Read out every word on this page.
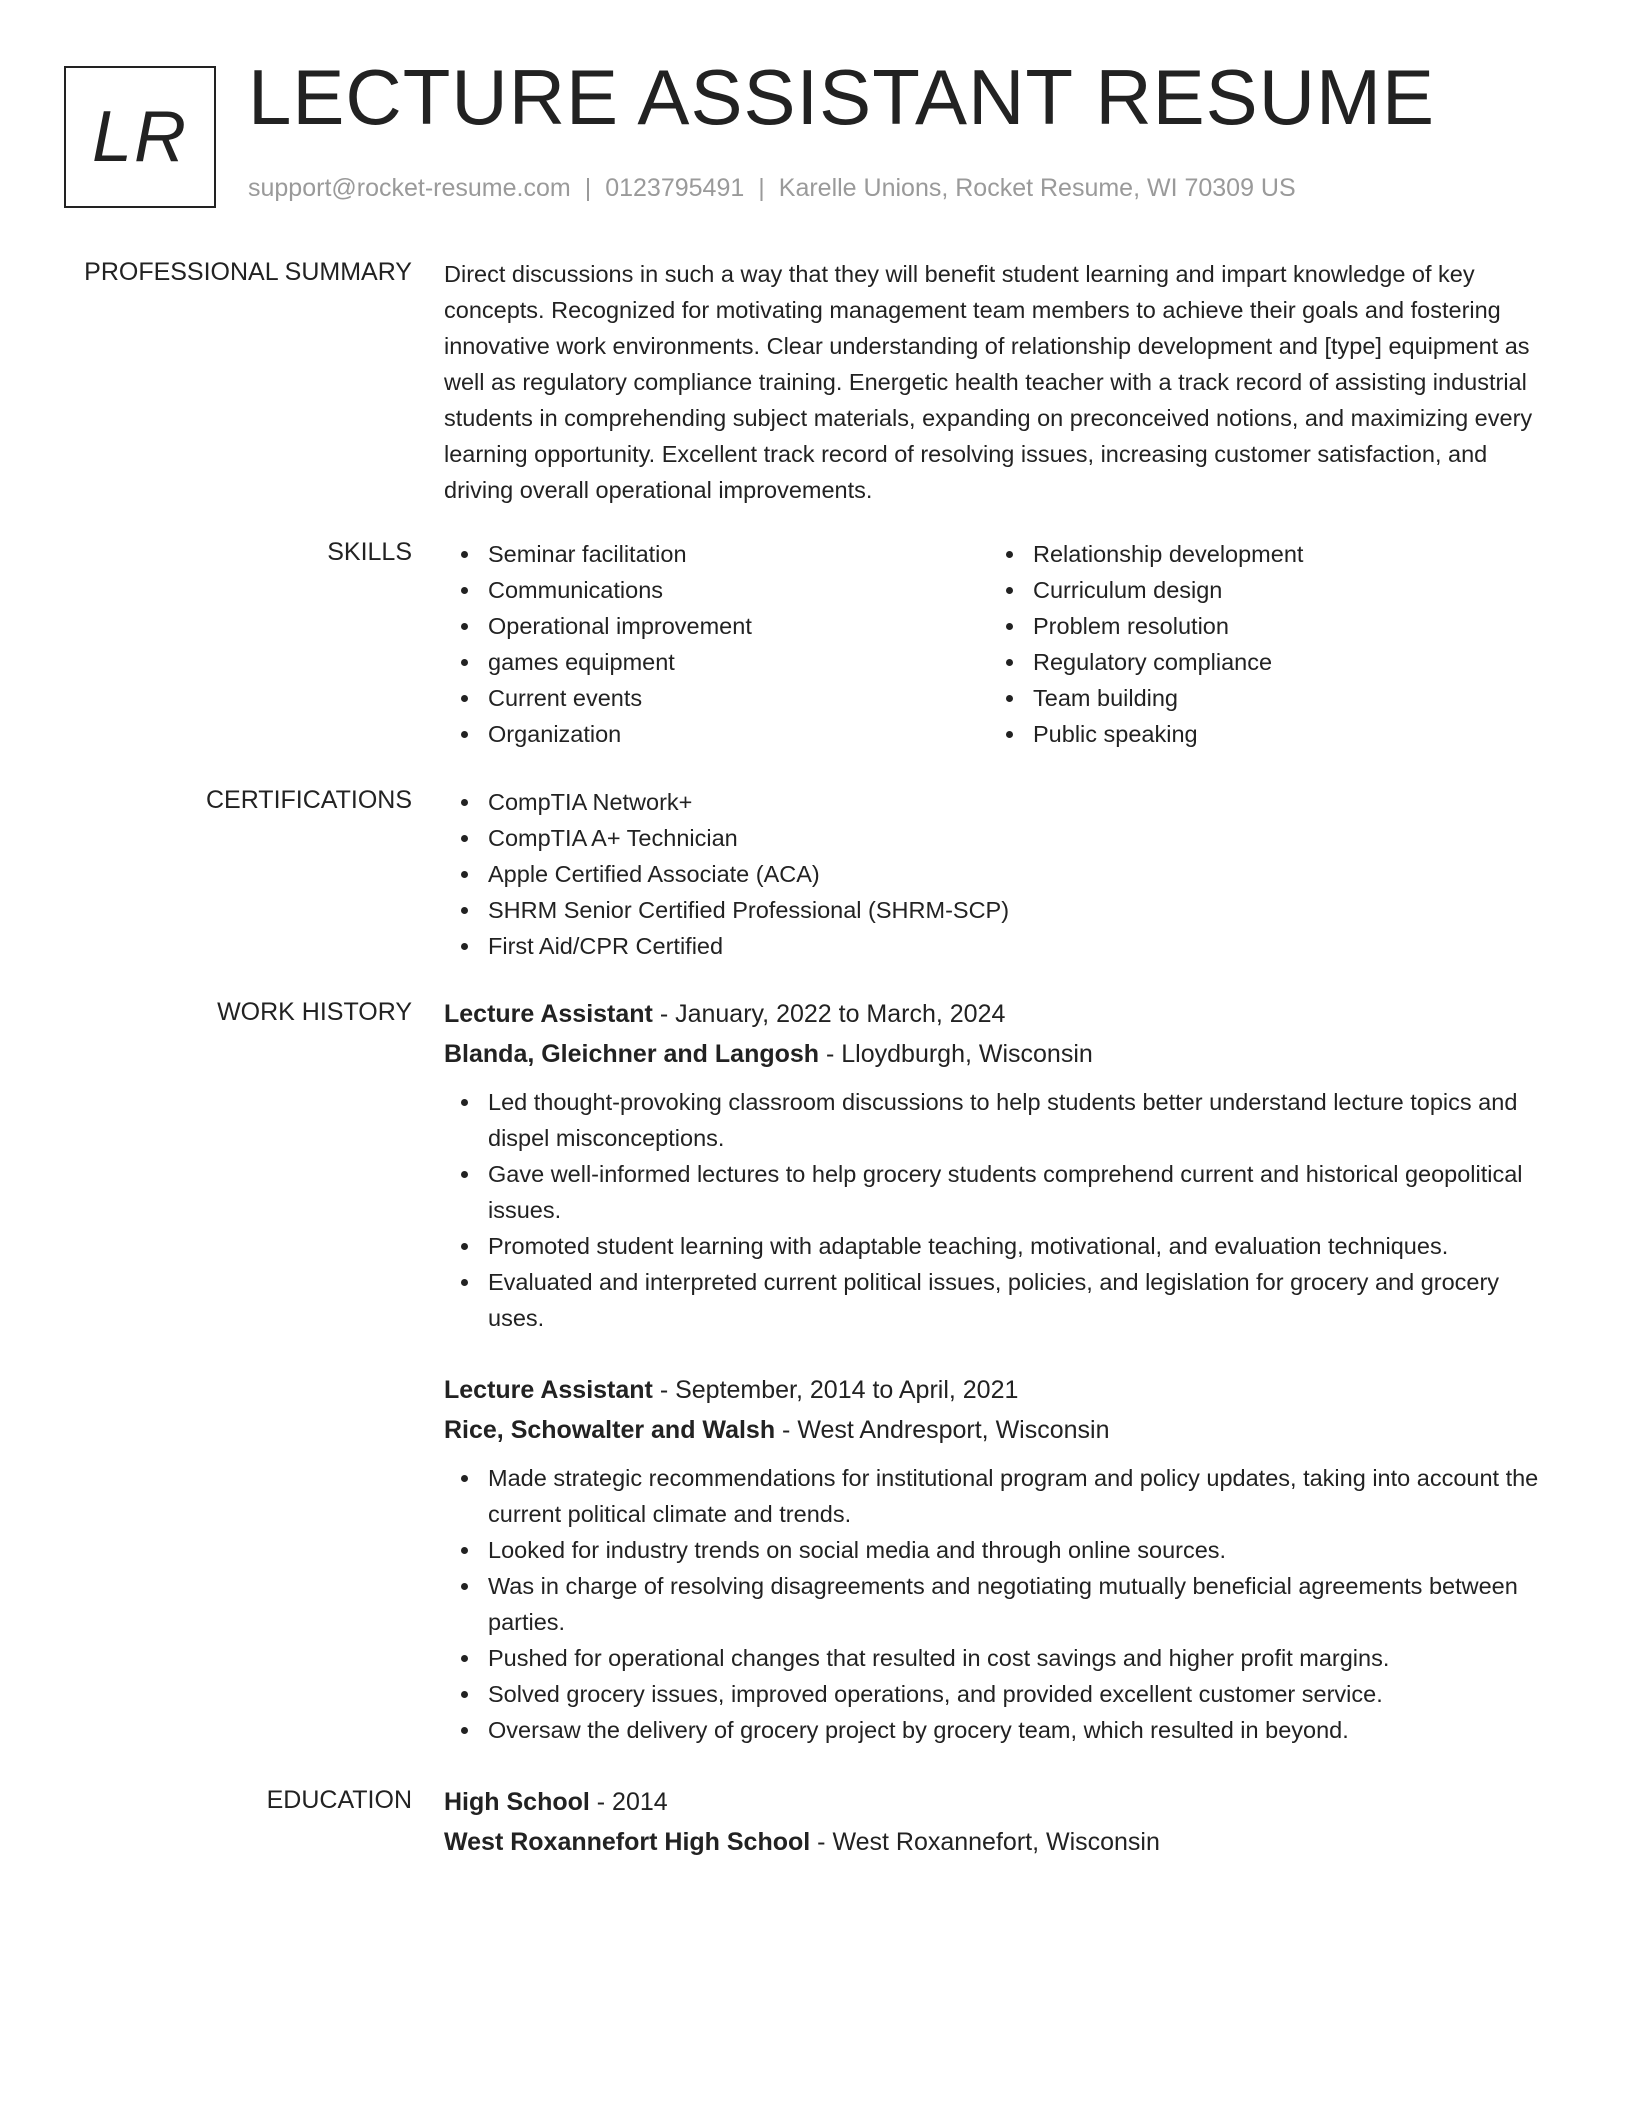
LR LECTURE ASSISTANT RESUME
support@rocket-resume.com | 0123795491 | Karelle Unions, Rocket Resume, WI 70309 US
PROFESSIONAL SUMMARY Direct discussions in such a way that they will benefit student learning and impart knowledge of key concepts. Recognized for motivating management team members to achieve their goals and fostering innovative work environments. Clear understanding of relationship development and [type] equipment as well as regulatory compliance training. Energetic health teacher with a track record of assisting industrial students in comprehending subject materials, expanding on preconceived notions, and maximizing every learning opportunity. Excellent track record of resolving issues, increasing customer satisfaction, and driving overall operational improvements.
SKILLS	Seminar facilitation
Communications
Operational improvement
games equipment
Current events
Organization
Relationship development
Curriculum design
Problem resolution
Regulatory compliance
Team building
Public speaking
CERTIFICATIONS	CompTIA Network+
CompTIA A+ Technician
Apple Certified Associate (ACA)
SHRM Senior Certified Professional (SHRM-SCP)
First Aid/CPR Certified
WORK HISTORY Lecture Assistant - January, 2022 to March, 2024
Blanda, Gleichner and Langosh - Lloydburgh, Wisconsin
Led thought-provoking classroom discussions to help students better understand lecture topics and dispel misconceptions.
Gave well-informed lectures to help grocery students comprehend current and historical geopolitical issues.
Promoted student learning with adaptable teaching, motivational, and evaluation techniques.
Evaluated and interpreted current political issues, policies, and legislation for grocery and grocery uses.
Lecture Assistant - September, 2014 to April, 2021
Rice, Schowalter and Walsh - West Andresport, Wisconsin
Made strategic recommendations for institutional program and policy updates, taking into account the current political climate and trends.
Looked for industry trends on social media and through online sources.
Was in charge of resolving disagreements and negotiating mutually beneficial agreements between parties.
Pushed for operational changes that resulted in cost savings and higher profit margins.
Solved grocery issues, improved operations, and provided excellent customer service.
Oversaw the delivery of grocery project by grocery team, which resulted in beyond.
EDUCATION High School - 2014
West Roxannefort High School - West Roxannefort, Wisconsin
